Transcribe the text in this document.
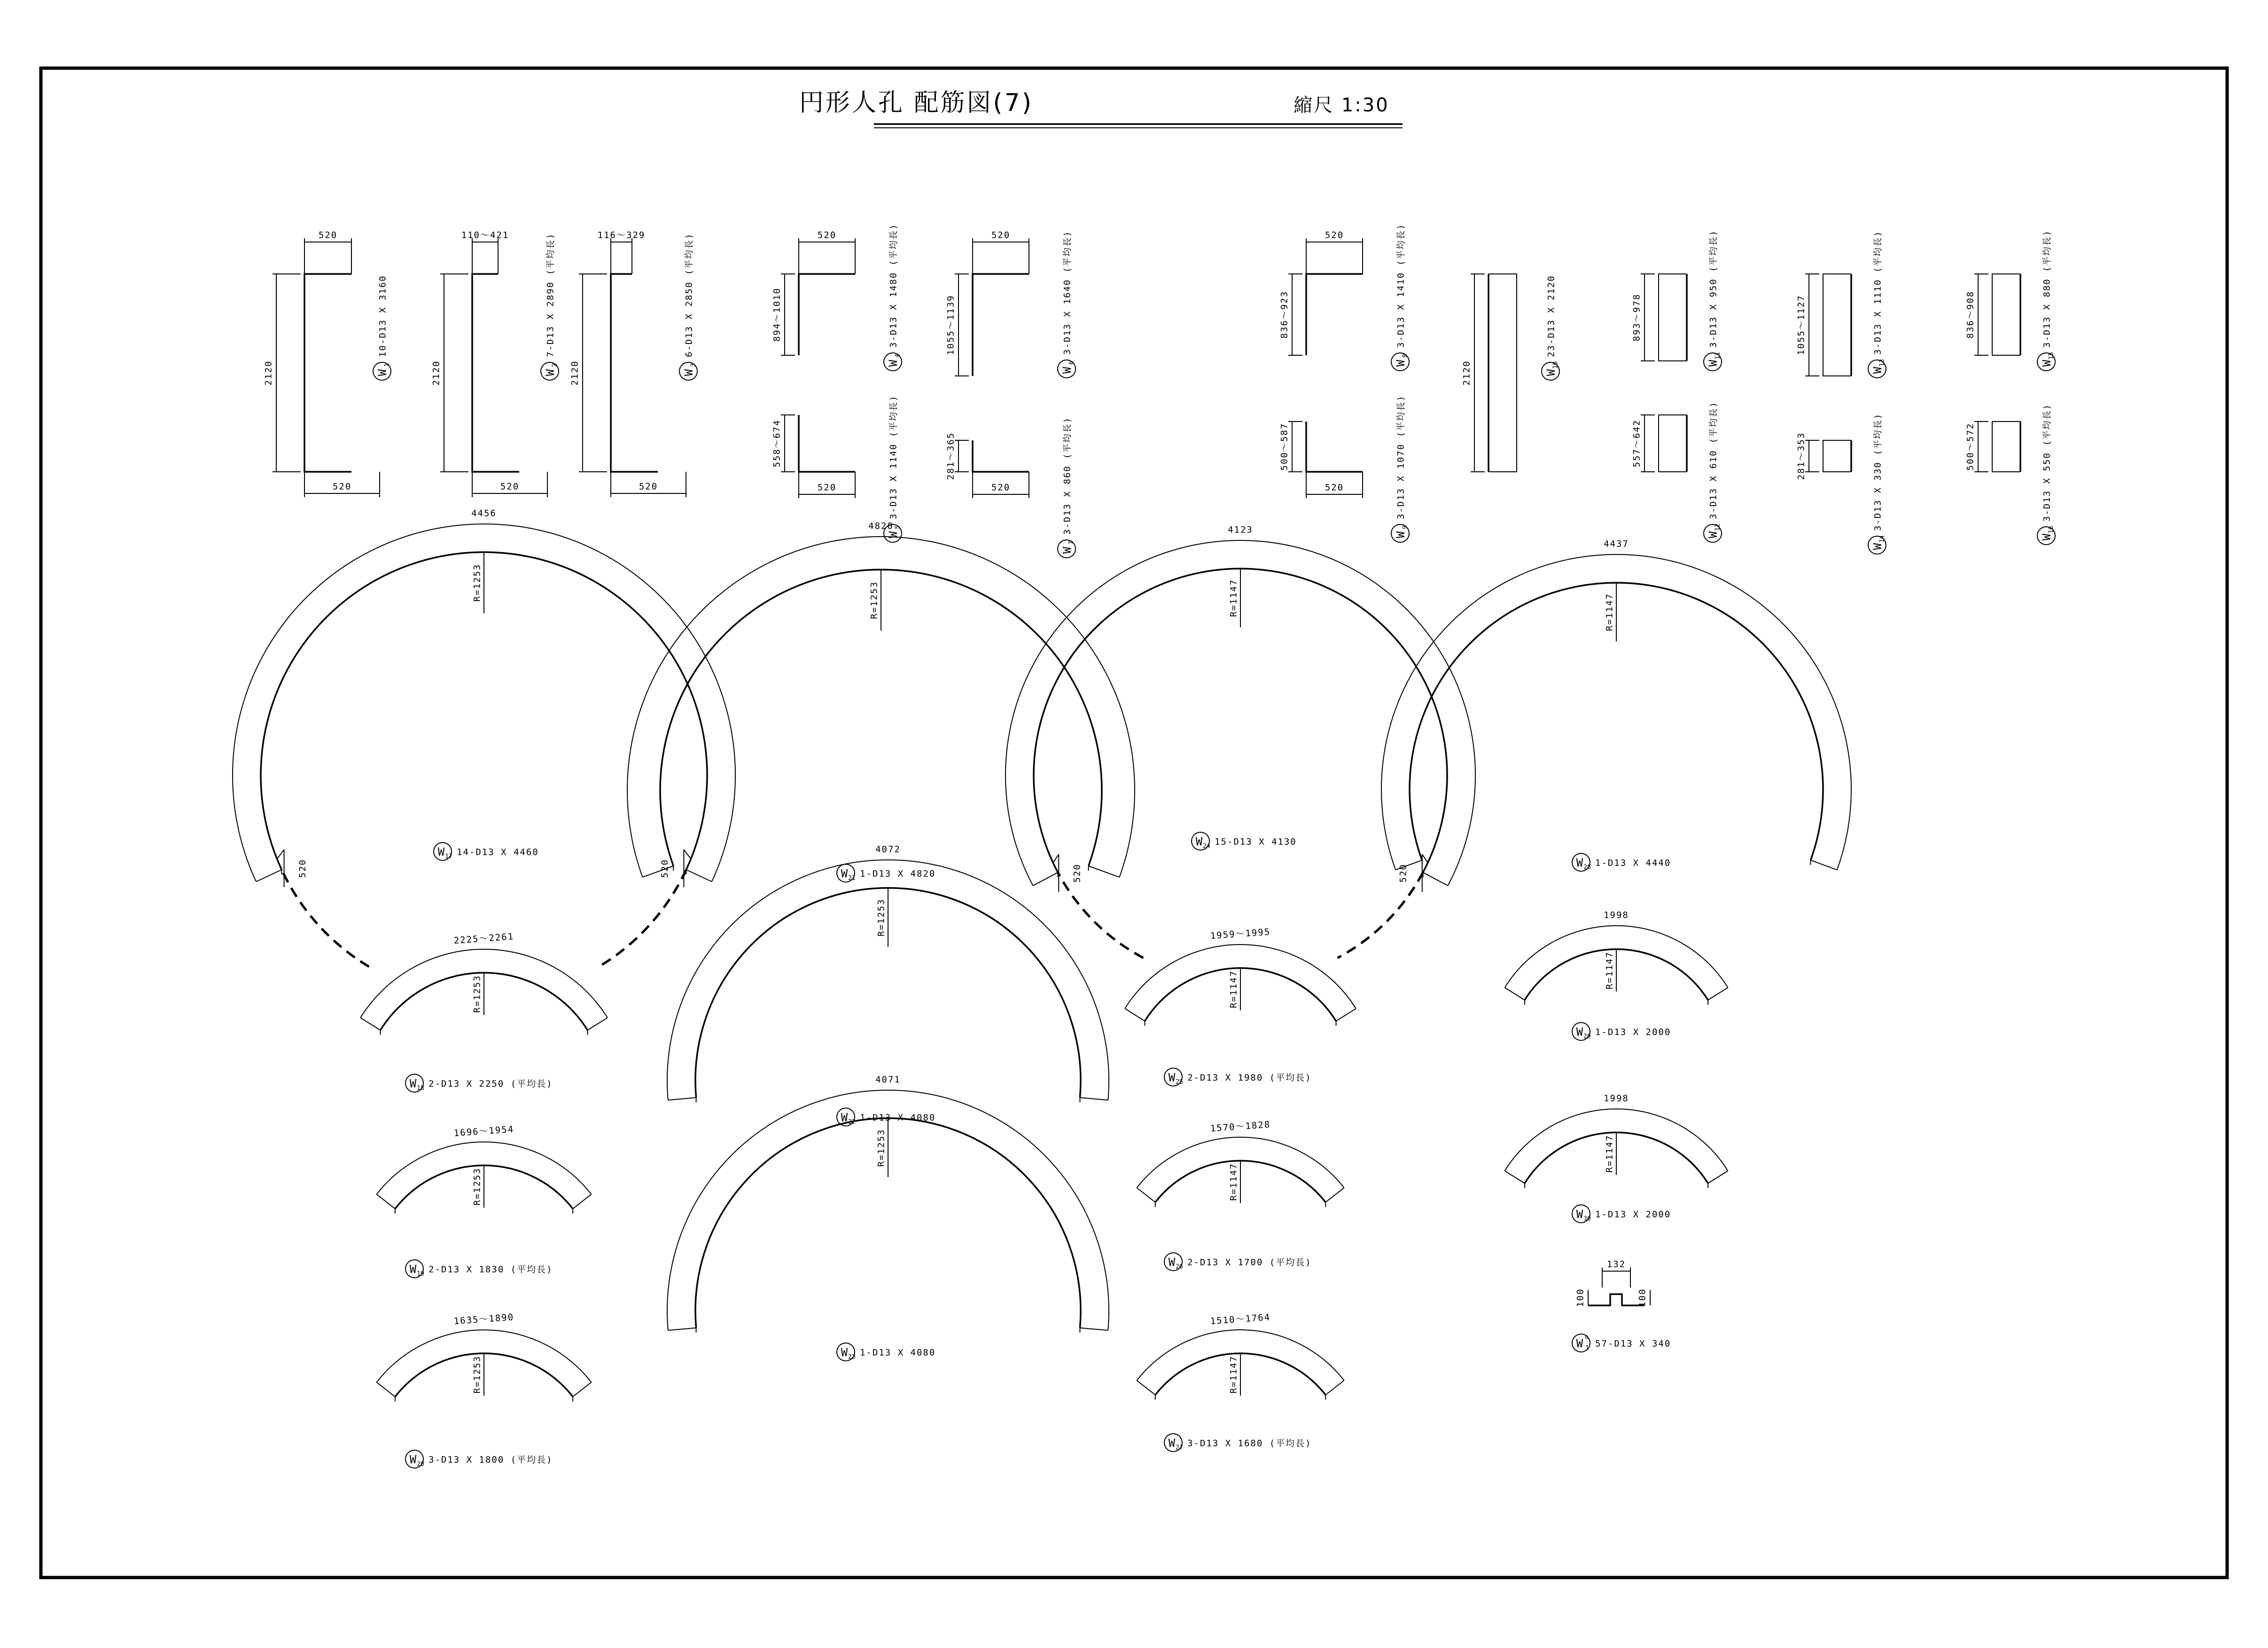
円形人孔 配筋図(7)	縮尺 1:30
520
520
2120	W
1
10-D13 X 3160
110～421
520
2120	W
2
7-D13 X 2890 (平均長)	116～329
520
2120	W
3
6-D13 X 2850 (平均長)	520
894～1010
W
4
3-D13 X 1480 (平均長)
520
558～674
W
5
3-D13 X 1140 (平均長)
520
1055～1139
W
6
3-D13 X 1640 (平均長)
520
281～365
W
7
3-D13 X 860 (平均長)
520
836～923
W
8
3-D13 X 1410 (平均長)
520
500～587
W
9
3-D13 X 1070 (平均長)
2120	W
10
23-D13 X 2120	893～978
W
11
3-D13 X 950 (平均長)
557～642
W
12
3-D13 X 610 (平均長)
1055～1127
W
13
3-D13 X 1110 (平均長)
281～353
W
14
3-D13 X 330 (平均長)
836～908
W
15
3-D13 X 880 (平均長)
500～572
W
16
3-D13 X 550 (平均長)
R=1253
4456
520	520
W 17 14-D13 X 4460
R=1253
4820
W 21 1-D13 X 4820
R=1147
4123
520	520
W 24 15-D13 X 4130
R=1147
4437
W 28 1-D13 X 4440
R=1253
4072
W 22 1-D13 X 4080
R=1253
4071
W 23 1-D13 X 4080
R=1253
2225～2261
W 18 2-D13 X 2250 (平均長)
R=1253
1696～1954
W 19 2-D13 X 1830 (平均長)
R=1253
1635～1890
W 20 3-D13 X 1800 (平均長)
R=1147
1959～1995
W 25 2-D13 X 1980 (平均長)
R=1147
1570～1828
W 26 2-D13 X 1700 (平均長)
R=1147
1510～1764
W 27 3-D13 X 1680 (平均長)
R=1147
1998
W 29 1-D13 X 2000
R=1147
1998
W 30 1-D13 X 2000
132
100	100
W 1
o
57-D13 X 340
